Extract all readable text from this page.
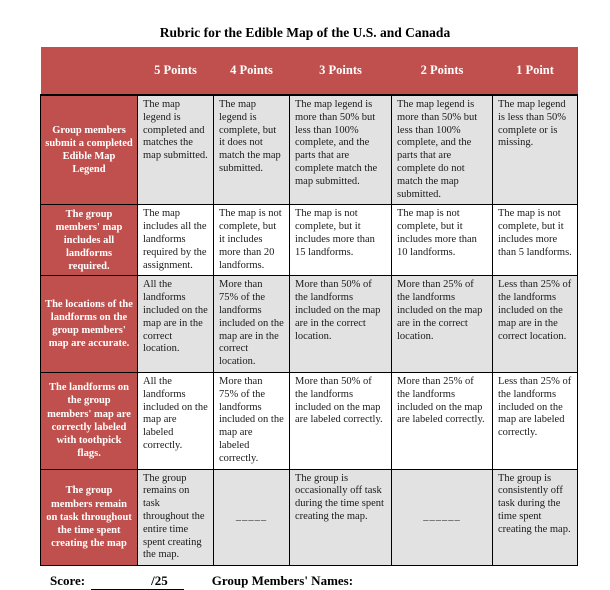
Rubric for the Edible Map of the U.S. and Canada
	5 Points	4 Points	3 Points	2 Points	1 Point
Group members submit a completed Edible Map Legend	The map legend is completed and matches the map submitted.	The map legend is complete, but it does not match the map submitted.	The map legend is more than 50% but less than 100% complete, and the parts that are complete match the map submitted.	The map legend is more than 50% but less than 100% complete, and the parts that are complete do not match the map submitted.	The map legend is less than 50% complete or is missing.
The group members' map includes all landforms required.	The map includes all the landforms required by the assignment.	The map is not complete, but it includes more than 20 landforms.	The map is not complete, but it includes more than 15 landforms.	The map is not complete, but it includes more than 10 landforms.	The map is not complete, but it includes more than 5 landforms.
The locations of the landforms on the group members' map are accurate.	All the landforms included on the map are in the correct location.	More than 75% of the landforms included on the map are in the correct location.	More than 50% of the landforms included on the map are in the correct location.	More than 25% of the landforms included on the map are in the correct location.	Less than 25% of the landforms included on the map are in the correct location.
The landforms on the group members' map are correctly labeled with toothpick flags.	All the landforms included on the map are labeled correctly.	More than 75% of the landforms included on the map are labeled correctly.	More than 50% of the landforms included on the map are labeled correctly.	More than 25% of the landforms included on the map are labeled correctly.	Less than 25% of the landforms included on the map are labeled correctly.
The group members remain on task throughout the time spent creating the map	The group remains on task throughout the entire time spent creating the map.	_____	The group is occasionally off task during the time spent creating the map.	______	The group is consistently off task during the time spent creating the map.
Score:	/25	Group Members' Names:
